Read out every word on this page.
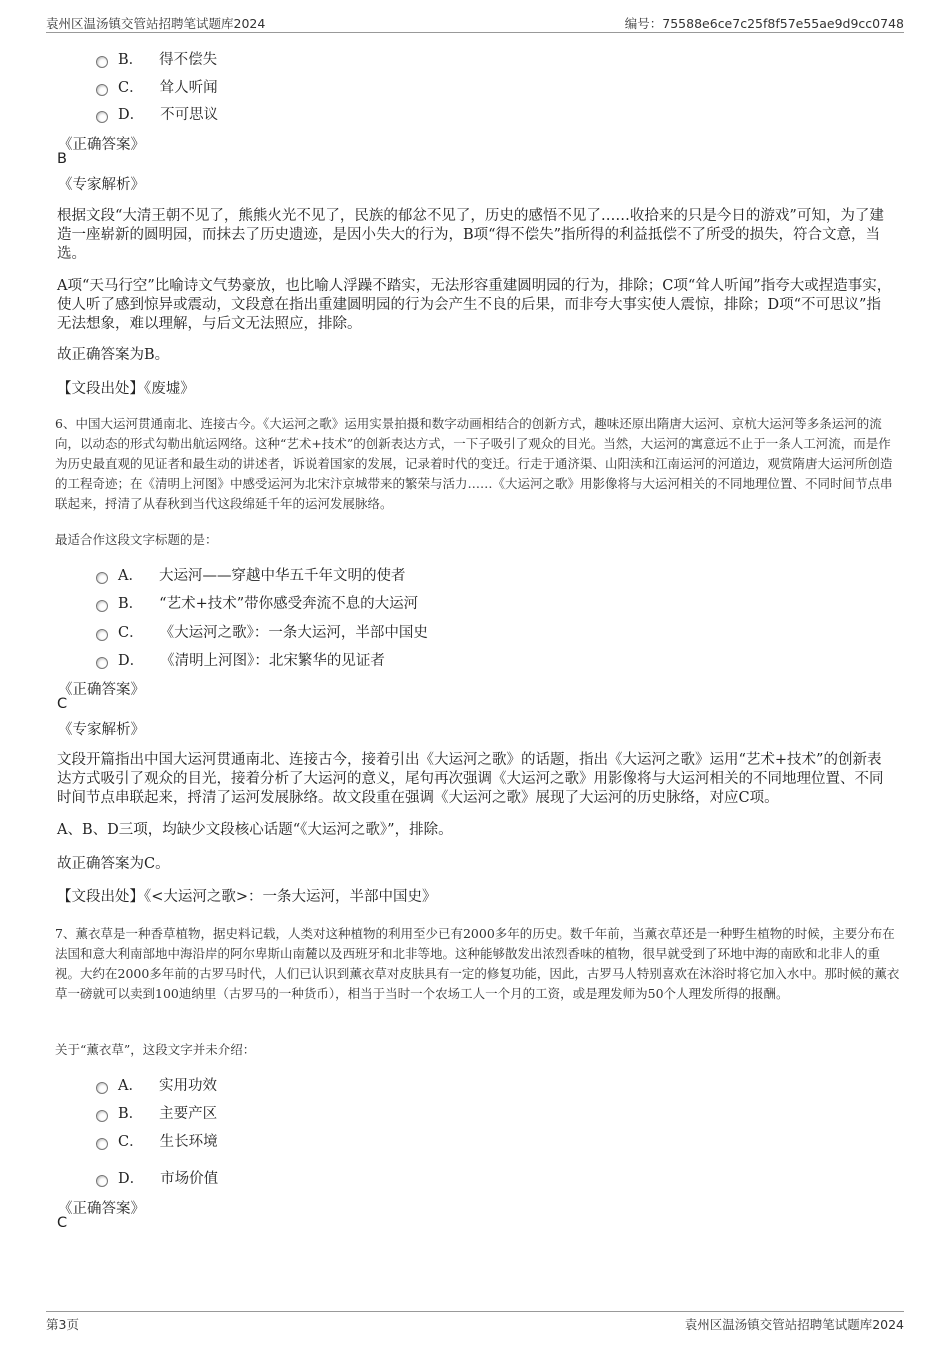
袁州区温汤镇交管站招聘笔试题库2024	编号：75588e6ce7c25f8f57e55ae9d9cc0748
B． 得不偿失
C． 耸人听闻
D． 不可思议
《正确答案》
B
《专家解析》
根据文段“大清王朝不见了，熊熊火光不见了，民族的郁忿不见了，历史的感悟不见了……收拾来的只是今日的游戏”可知，为了建造一座崭新的圆明园，而抹去了历史遗迹，是因小失大的行为，B项“得不偿失”指所得的利益抵偿不了所受的损失，符合文意，当选。
A项“天马行空”比喻诗文气势豪放，也比喻人浮躁不踏实，无法形容重建圆明园的行为，排除；C项“耸人听闻”指夸大或捏造事实，使人听了感到惊异或震动，文段意在指出重建圆明园的行为会产生不良的后果，而非夸大事实使人震惊，排除；D项“不可思议”指无法想象，难以理解，与后文无法照应，排除。
故正确答案为B。
【文段出处】《废墟》
6、中国大运河贯通南北、连接古今。《大运河之歌》运用实景拍摄和数字动画相结合的创新方式，趣味还原出隋唐大运河、京杭大运河等多条运河的流向，以动态的形式勾勒出航运网络。这种“艺术+技术”的创新表达方式，一下子吸引了观众的目光。当然，大运河的寓意远不止于一条人工河流，而是作为历史最直观的见证者和最生动的讲述者，诉说着国家的发展，记录着时代的变迁。行走于通济渠、山阳渎和江南运河的河道边，观赏隋唐大运河所创造的工程奇迹；在《清明上河图》中感受运河为北宋汴京城带来的繁荣与活力……《大运河之歌》用影像将与大运河相关的不同地理位置、不同时间节点串联起来，捋清了从春秋到当代这段绵延千年的运河发展脉络。
最适合作这段文字标题的是：
A． 大运河——穿越中华五千年文明的使者
B． “艺术+技术”带你感受奔流不息的大运河
C． 《大运河之歌》：一条大运河，半部中国史
D． 《清明上河图》：北宋繁华的见证者
《正确答案》
C
《专家解析》
文段开篇指出中国大运河贯通南北、连接古今，接着引出《大运河之歌》的话题，指出《大运河之歌》运用“艺术+技术”的创新表达方式吸引了观众的目光，接着分析了大运河的意义，尾句再次强调《大运河之歌》用影像将与大运河相关的不同地理位置、不同时间节点串联起来，捋清了运河发展脉络。故文段重在强调《大运河之歌》展现了大运河的历史脉络，对应C项。
A、B、D三项，均缺少文段核心话题“《大运河之歌》”，排除。
故正确答案为C。
【文段出处】《<大运河之歌>：一条大运河，半部中国史》
7、薰衣草是一种香草植物，据史料记载，人类对这种植物的利用至少已有2000多年的历史。数千年前，当薰衣草还是一种野生植物的时候，主要分布在法国和意大利南部地中海沿岸的阿尔卑斯山南麓以及西班牙和北非等地。这种能够散发出浓烈香味的植物，很早就受到了环地中海的南欧和北非人的重视。大约在2000多年前的古罗马时代，人们已认识到薰衣草对皮肤具有一定的修复功能，因此，古罗马人特别喜欢在沐浴时将它加入水中。那时候的薰衣草一磅就可以卖到100迪纳里（古罗马的一种货币），相当于当时一个农场工人一个月的工资，或是理发师为50个人理发所得的报酬。
关于“薰衣草”，这段文字并未介绍：
A． 实用功效
B． 主要产区
C． 生长环境
D． 市场价值
《正确答案》
C
第3页	袁州区温汤镇交管站招聘笔试题库2024
